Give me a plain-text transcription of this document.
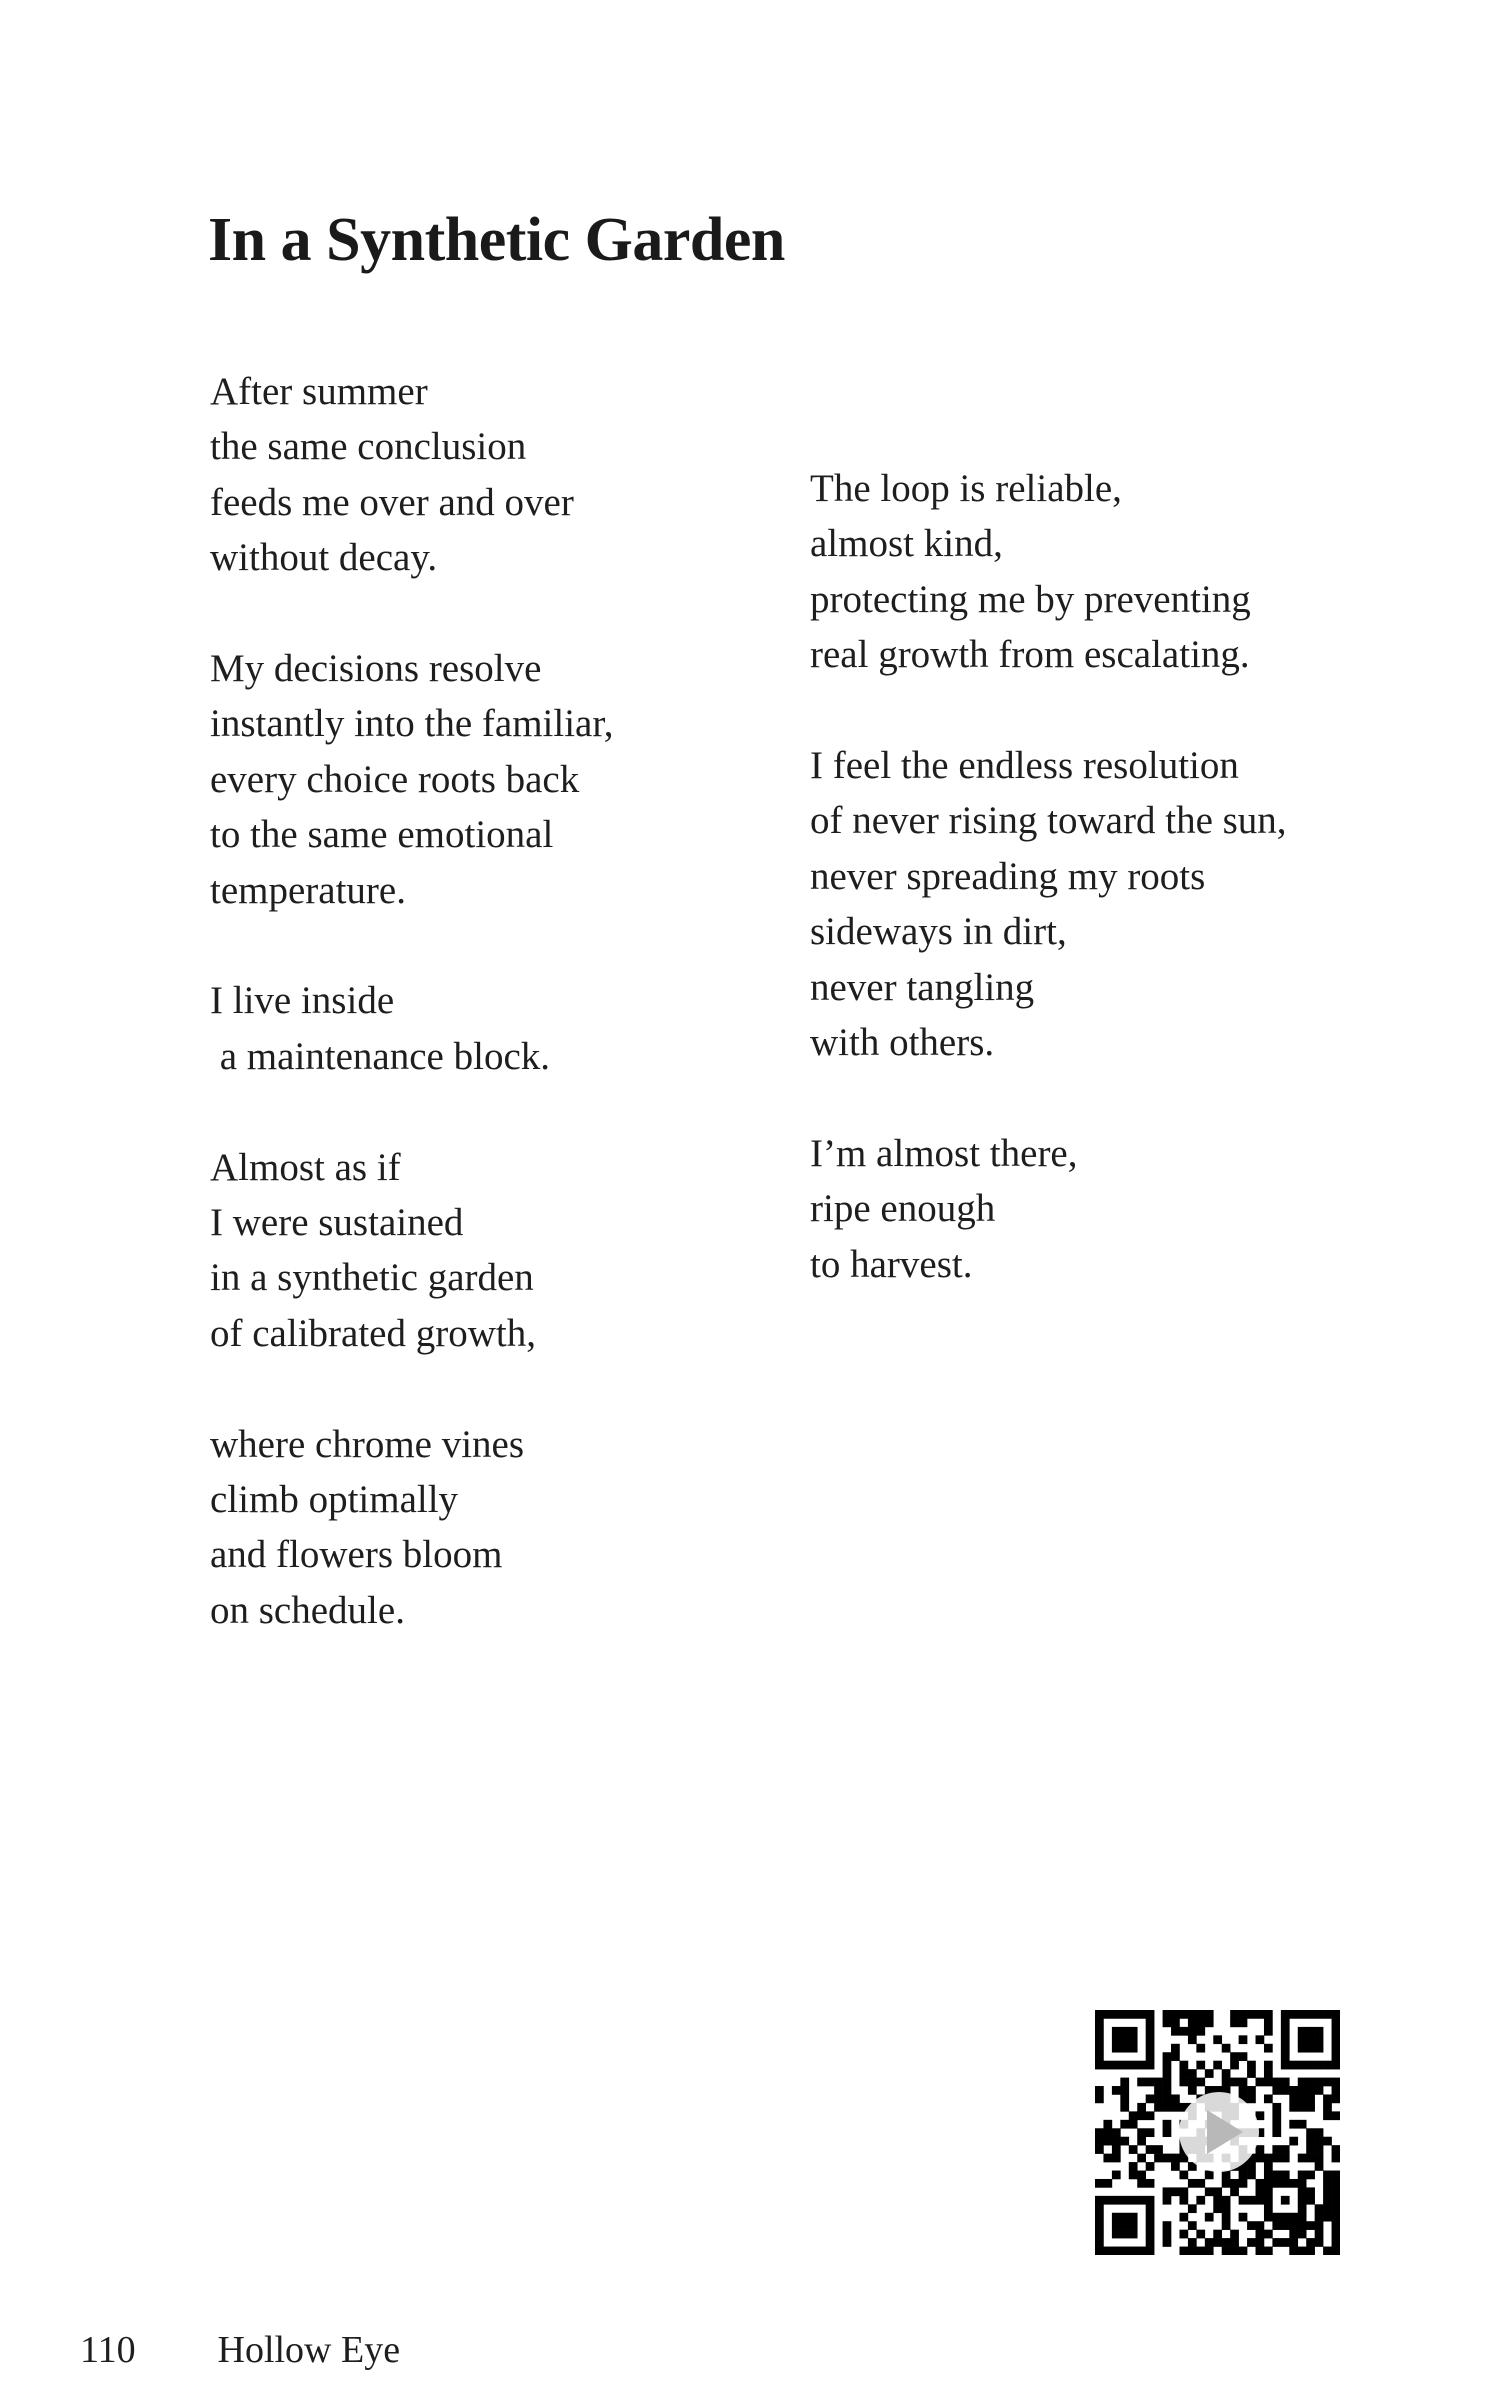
In a Synthetic Garden

After summer
the same conclusion
feeds me over and over
without decay.

My decisions resolve
instantly into the familiar,
every choice roots back
to the same emotional
temperature.

I live inside
a maintenance block.

Almost as if
I were sustained
in a synthetic garden
of calibrated growth,

where chrome vines
climb optimally
and flowers bloom
on schedule.

The loop is reliable,
almost kind,
protecting me by preventing
real growth from escalating.

I feel the endless resolution
of never rising toward the sun,
never spreading my roots
sideways in dirt,
never tangling
with others.

I’m almost there,
ripe enough
to harvest.

110 Hollow Eye
